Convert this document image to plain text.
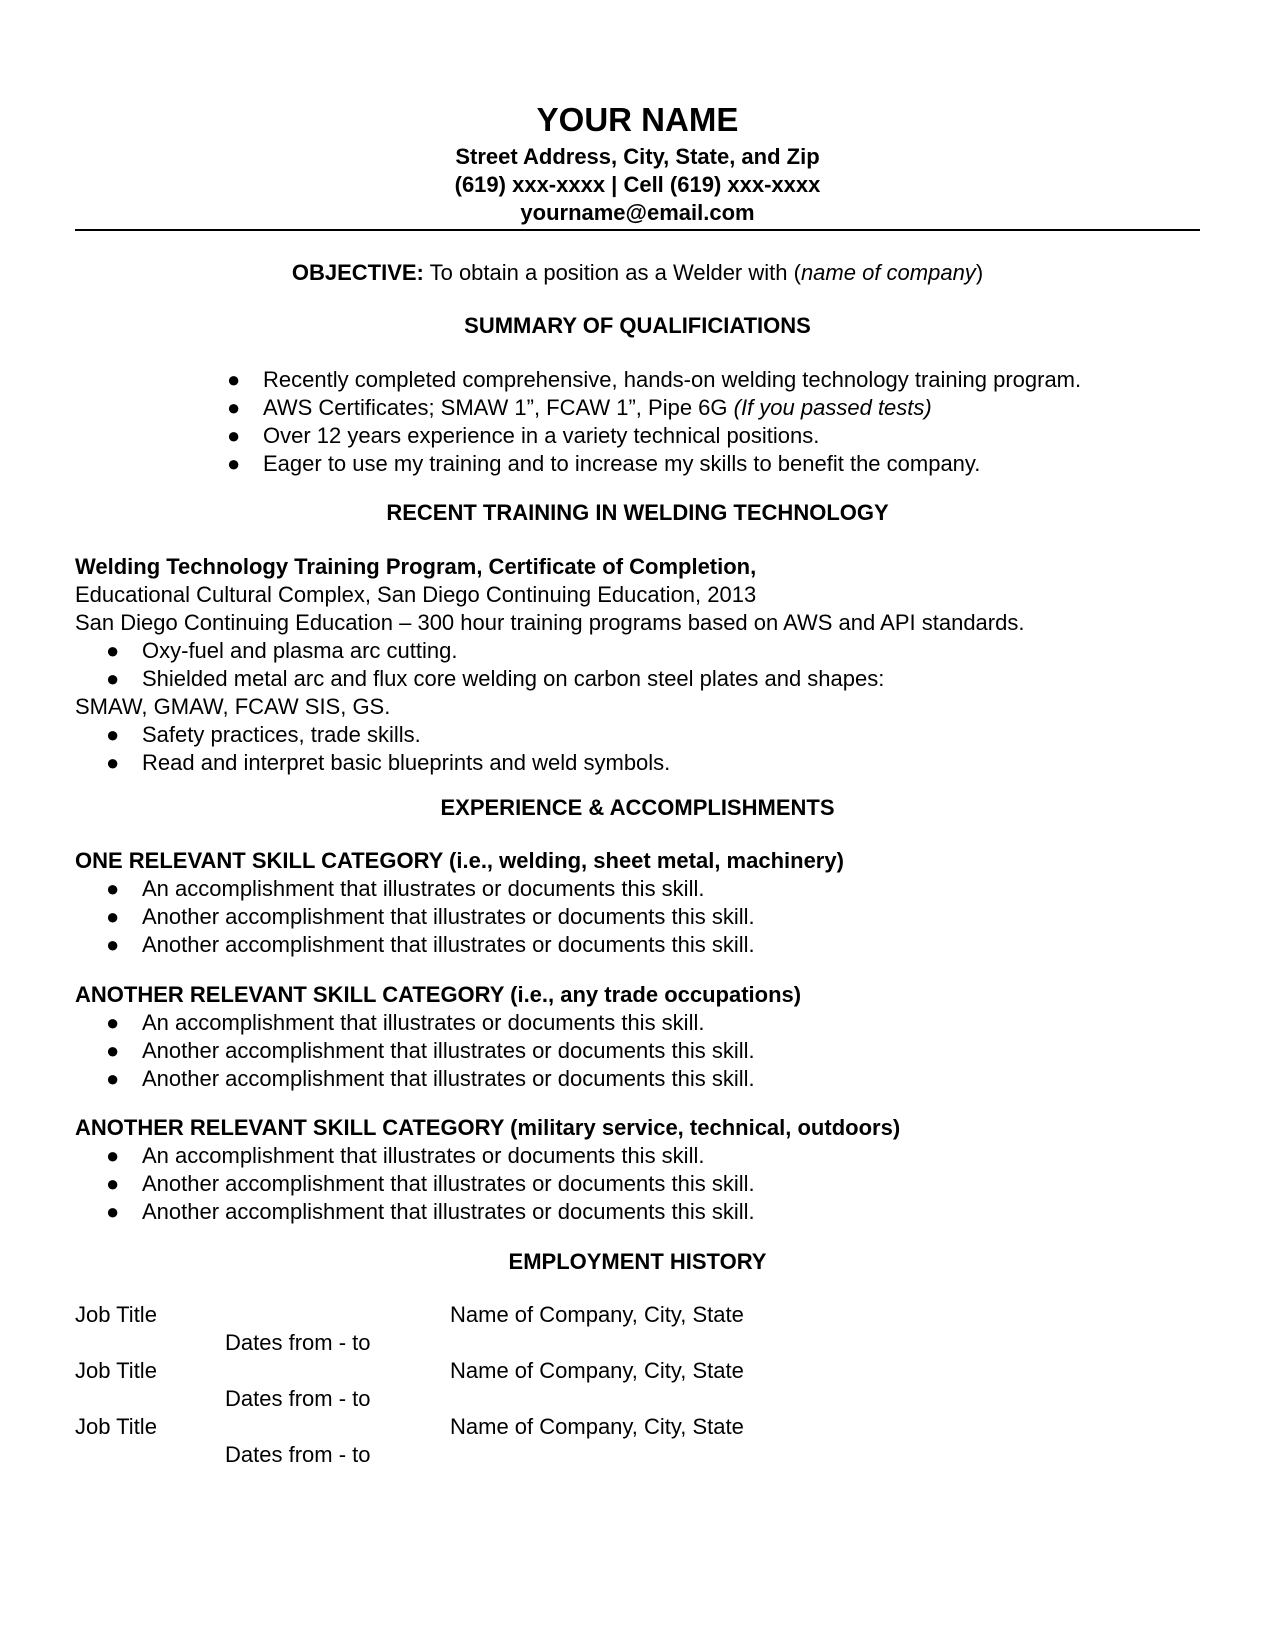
YOUR NAME
Street Address, City, State, and Zip
(619) xxx-xxxx | Cell (619) xxx-xxxx
yourname@email.com
OBJECTIVE: To obtain a position as a Welder with (name of company)
SUMMARY OF QUALIFICIATIONS
● Recently completed comprehensive, hands-on welding technology training program.
● AWS Certificates; SMAW 1”, FCAW 1”, Pipe 6G (If you passed tests)
● Over 12 years experience in a variety technical positions.
● Eager to use my training and to increase my skills to benefit the company.
RECENT TRAINING IN WELDING TECHNOLOGY
Welding Technology Training Program, Certificate of Completion,
Educational Cultural Complex, San Diego Continuing Education, 2013
San Diego Continuing Education – 300 hour training programs based on AWS and API standards.
● Oxy-fuel and plasma arc cutting.
● Shielded metal arc and flux core welding on carbon steel plates and shapes:
SMAW, GMAW, FCAW SIS, GS.
● Safety practices, trade skills.
● Read and interpret basic blueprints and weld symbols.
EXPERIENCE & ACCOMPLISHMENTS
ONE RELEVANT SKILL CATEGORY (i.e., welding, sheet metal, machinery)
● An accomplishment that illustrates or documents this skill.
● Another accomplishment that illustrates or documents this skill.
● Another accomplishment that illustrates or documents this skill.
ANOTHER RELEVANT SKILL CATEGORY (i.e., any trade occupations)
● An accomplishment that illustrates or documents this skill.
● Another accomplishment that illustrates or documents this skill.
● Another accomplishment that illustrates or documents this skill.
ANOTHER RELEVANT SKILL CATEGORY (military service, technical, outdoors)
● An accomplishment that illustrates or documents this skill.
● Another accomplishment that illustrates or documents this skill.
● Another accomplishment that illustrates or documents this skill.
EMPLOYMENT HISTORY
Job Title	Name of Company, City, State
Dates from - to
Job Title	Name of Company, City, State
Dates from - to
Job Title	Name of Company, City, State
Dates from - to
